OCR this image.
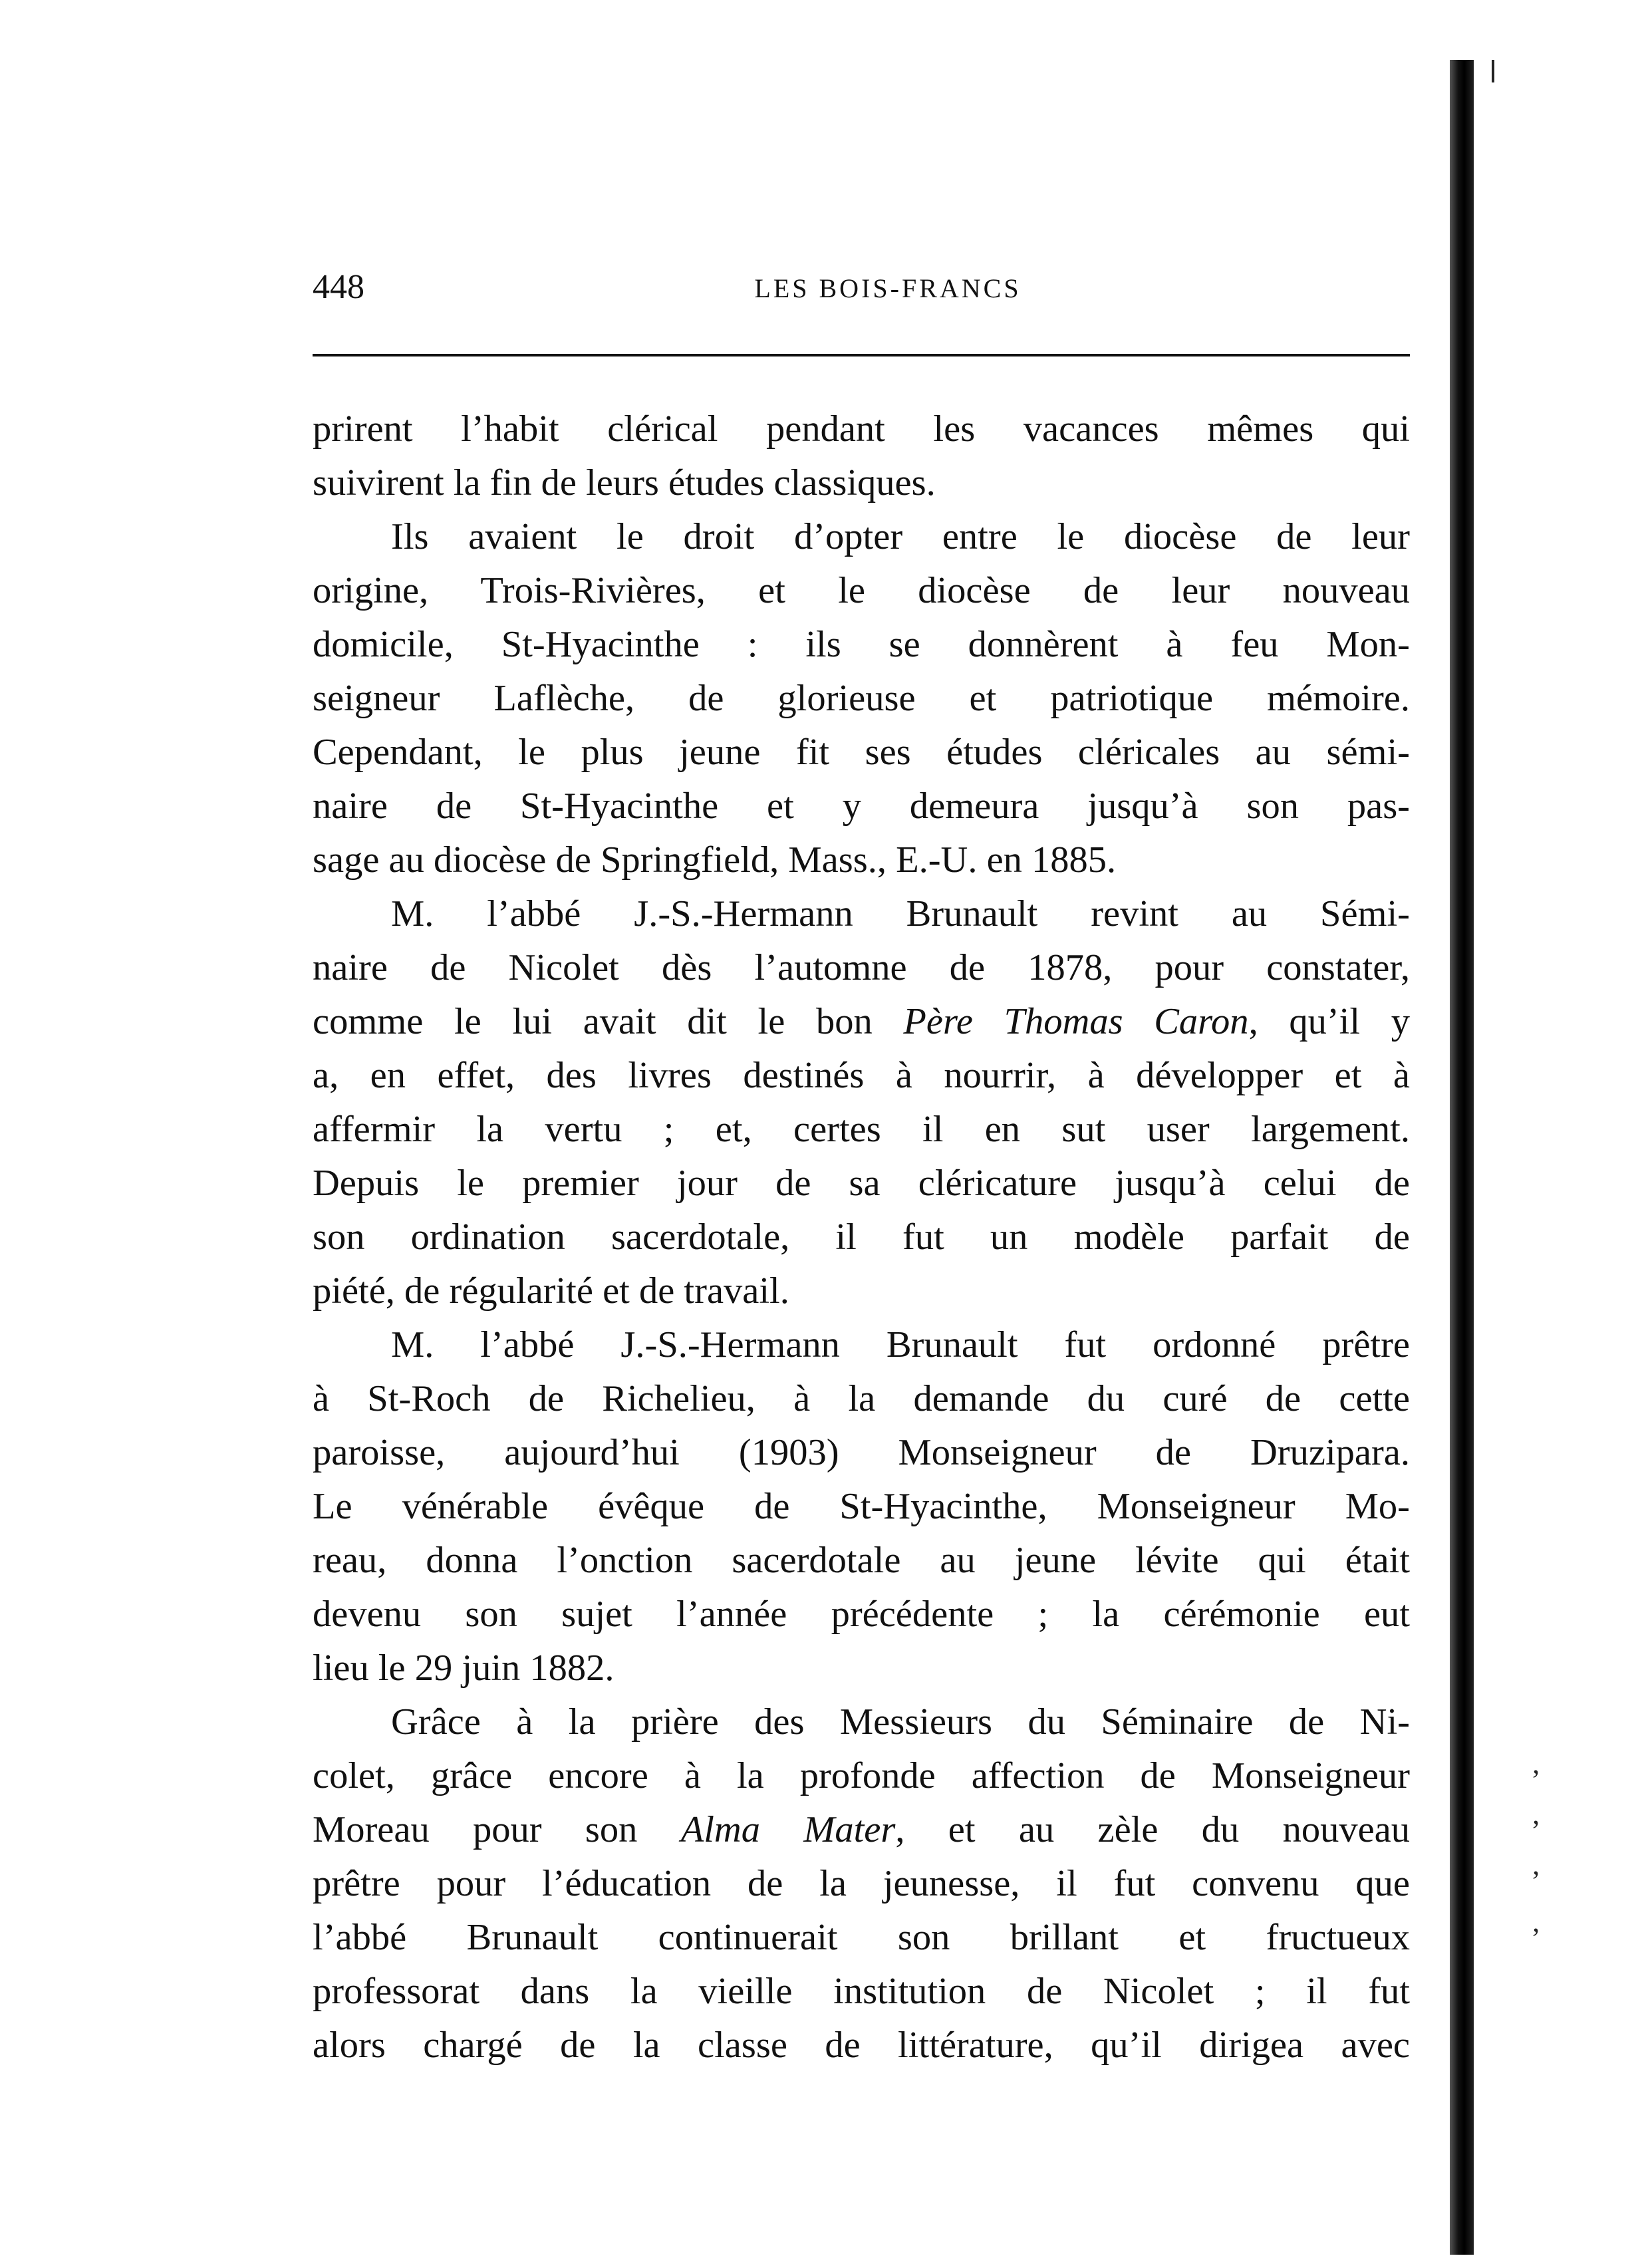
‚
‚
‚
‚
448	LES BOIS-FRANCS
prirent l’habit clérical pendant les vacances mêmes qui
suivirent la fin de leurs études classiques.
Ils avaient le droit d’opter entre le diocèse de leur
origine, Trois-Rivières, et le diocèse de leur nouveau
domicile, St-Hyacinthe : ils se donnèrent à feu Mon-
seigneur Laflèche, de glorieuse et patriotique mémoire.
Cependant, le plus jeune fit ses études cléricales au sémi-
naire de St-Hyacinthe et y demeura jusqu’à son pas-
sage au diocèse de Springfield, Mass., E.-U. en 1885.
M. l’abbé J.-S.-Hermann Brunault revint au Sémi-
naire de Nicolet dès l’automne de 1878, pour constater,
comme le lui avait dit le bon Père Thomas Caron, qu’il y
a, en effet, des livres destinés à nourrir, à développer et à
affermir la vertu ; et, certes il en sut user largement.
Depuis le premier jour de sa cléricature jusqu’à celui de
son ordination sacerdotale, il fut un modèle parfait de
piété, de régularité et de travail.
M. l’abbé J.-S.-Hermann Brunault fut ordonné prêtre
à St-Roch de Richelieu, à la demande du curé de cette
paroisse, aujourd’hui (1903) Monseigneur de Druzipara.
Le vénérable évêque de St-Hyacinthe, Monseigneur Mo-
reau, donna l’onction sacerdotale au jeune lévite qui était
devenu son sujet l’année précédente ; la cérémonie eut
lieu le 29 juin 1882.
Grâce à la prière des Messieurs du Séminaire de Ni-
colet, grâce encore à la profonde affection de Monseigneur
Moreau pour son Alma Mater, et au zèle du nouveau
prêtre pour l’éducation de la jeunesse, il fut convenu que
l’abbé Brunault continuerait son brillant et fructueux
professorat dans la vieille institution de Nicolet ; il fut
alors chargé de la classe de littérature, qu’il dirigea avec
